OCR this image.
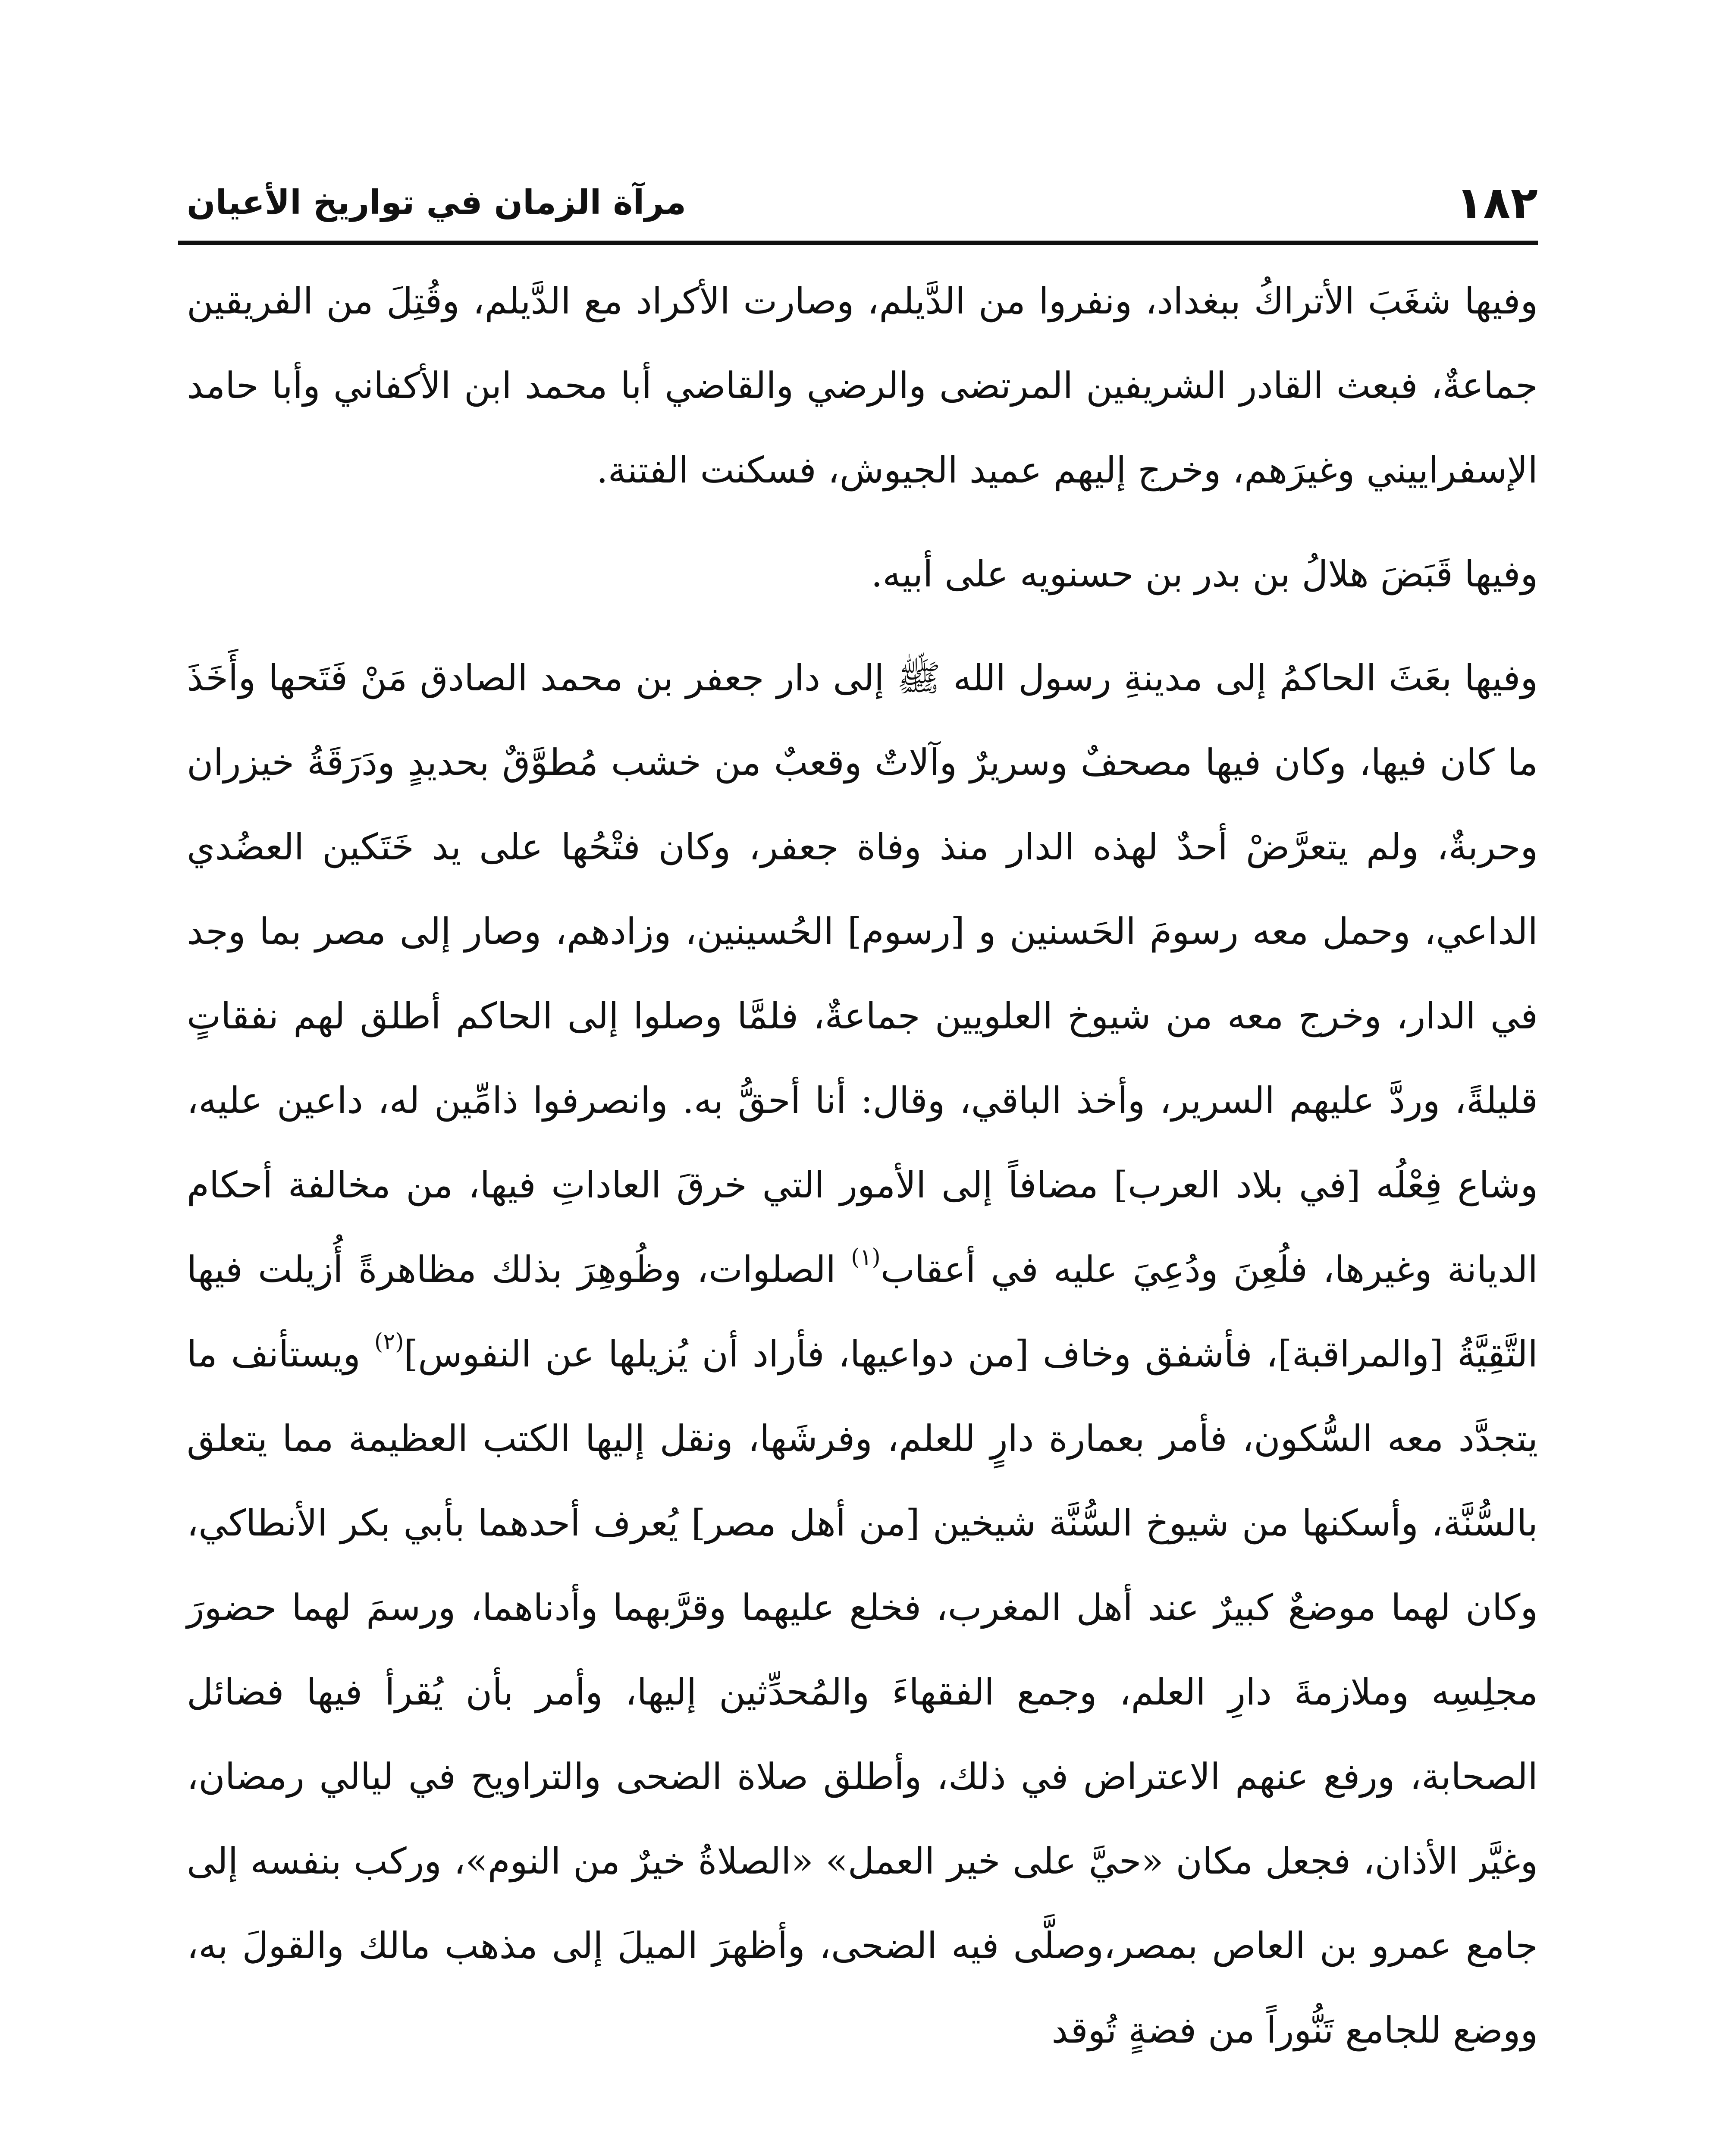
١٨٢
مرآة الزمان في تواريخ الأعيان

وفيها شغَبَ الأتراكُ ببغداد، ونفروا من الدَّيلم، وصارت الأكراد مع الدَّيلم، وقُتِلَ من الفريقين جماعةٌ، فبعث القادر الشريفين المرتضى والرضي والقاضي أبا محمد ابن الأكفاني وأبا حامد الإسفراييني وغيرَهم، وخرج إليهم عميد الجيوش، فسكنت الفتنة.

وفيها قَبَضَ هلالُ بن بدر بن حسنويه على أبيه.

وفيها بعَثَ الحاكمُ إلى مدينةِ رسول الله ﷺ إلى دار جعفر بن محمد الصادق مَنْ فَتَحها وأَخَذَ ما كان فيها، وكان فيها مصحفٌ وسريرٌ وآلاتٌ وقعبٌ من خشب مُطوَّقٌ بحديدٍ ودَرَقَةُ خيزران وحربةٌ، ولم يتعرَّضْ أحدٌ لهذه الدار منذ وفاة جعفر، وكان فتْحُها على يد خَتَكين العضُدي الداعي، وحمل معه رسومَ الحَسنين و [رسوم] الحُسينين، وزادهم، وصار إلى مصر بما وجد في الدار، وخرج معه من شيوخ العلويين جماعةٌ، فلمَّا وصلوا إلى الحاكم أطلق لهم نفقاتٍ قليلةً، وردَّ عليهم السرير، وأخذ الباقي، وقال: أنا أحقُّ به. وانصرفوا ذامِّين له، داعين عليه، وشاع فِعْلُه [في بلاد العرب] مضافاً إلى الأمور التي خرقَ العاداتِ فيها، من مخالفة أحكام الديانة وغيرها، فلُعِنَ ودُعِيَ عليه في أعقاب$^{(١)}$ الصلوات، وظُوهِرَ بذلك مظاهرةً أُزيلت فيها التَّقِيَّةُ [والمراقبة]، فأشفق وخاف [من دواعيها، فأراد أن يُزيلها عن النفوس]$^{(٢)}$ ويستأنف ما يتجدَّد معه السُّكون، فأمر بعمارة دارٍ للعلم، وفرشَها، ونقل إليها الكتب العظيمة مما يتعلق بالسُّنَّة، وأسكنها من شيوخ السُّنَّة شيخين [من أهل مصر] يُعرف أحدهما بأبي بكر الأنطاكي، وكان لهما موضعٌ كبيرٌ عند أهل المغرب، فخلع عليهما وقرَّبهما وأدناهما، ورسمَ لهما حضورَ مجلِسِه وملازمةَ دارِ العلم، وجمع الفقهاءَ والمُحدِّثين إليها، وأمر بأن يُقرأ فيها فضائل الصحابة، ورفع عنهم الاعتراض في ذلك، وأطلق صلاة الضحى والتراويح في ليالي رمضان، وغيَّر الأذان، فجعل مكان «حيَّ على خير العمل» «الصلاةُ خيرٌ من النوم»، وركب بنفسه إلى جامع عمرو بن العاص بمصر،وصلَّى فيه الضحى، وأظهرَ الميلَ إلى مذهب مالك والقولَ به، ووضع للجامع تَنُّوراً من فضةٍ تُوقد
